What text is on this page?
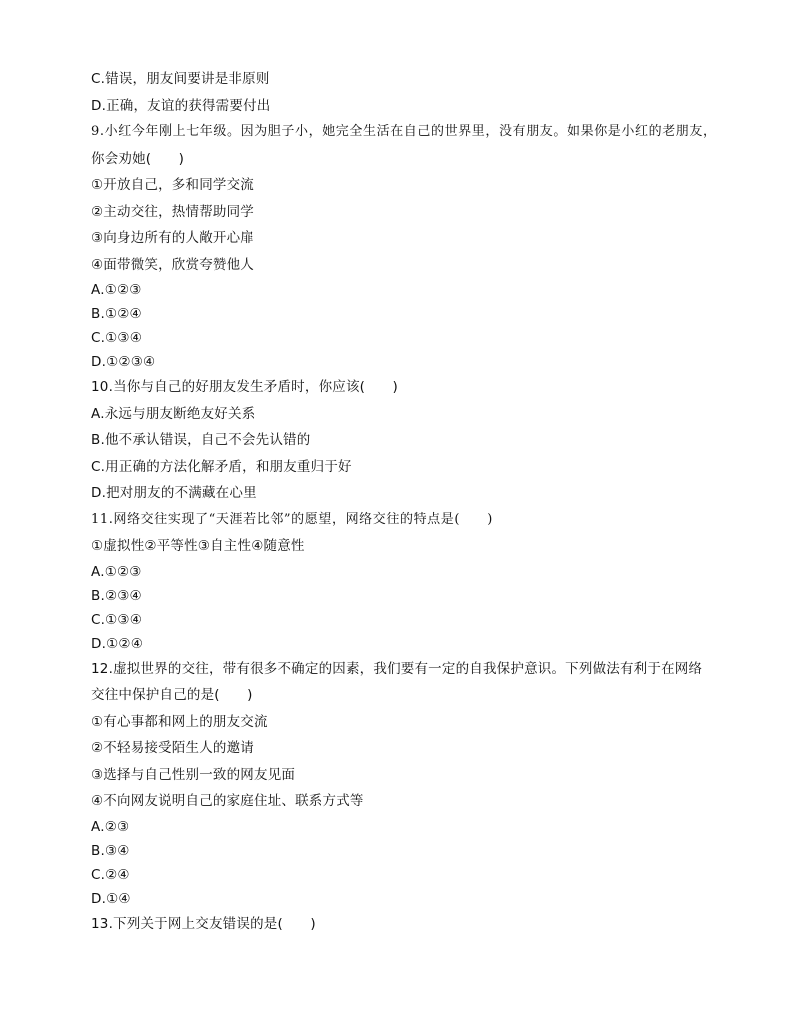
C.错误，朋友间要讲是非原则
D.正确，友谊的获得需要付出
9.小红今年刚上七年级。因为胆子小，她完全生活在自己的世界里，没有朋友。如果你是小红的老朋友，
你会劝她(　　)
①开放自己，多和同学交流
②主动交往，热情帮助同学
③向身边所有的人敞开心扉
④面带微笑，欣赏夸赞他人
A.①②③
B.①②④
C.①③④
D.①②③④
10.当你与自己的好朋友发生矛盾时，你应该(　　)
A.永远与朋友断绝友好关系
B.他不承认错误，自己不会先认错的
C.用正确的方法化解矛盾，和朋友重归于好
D.把对朋友的不满藏在心里
11.网络交往实现了“天涯若比邻”的愿望，网络交往的特点是(　　)
①虚拟性②平等性③自主性④随意性
A.①②③
B.②③④
C.①③④
D.①②④
12.虚拟世界的交往，带有很多不确定的因素，我们要有一定的自我保护意识。下列做法有利于在网络
交往中保护自己的是(　　)
①有心事都和网上的朋友交流
②不轻易接受陌生人的邀请
③选择与自己性别一致的网友见面
④不向网友说明自己的家庭住址、联系方式等
A.②③
B.③④
C.②④
D.①④
13.下列关于网上交友错误的是(　　)
